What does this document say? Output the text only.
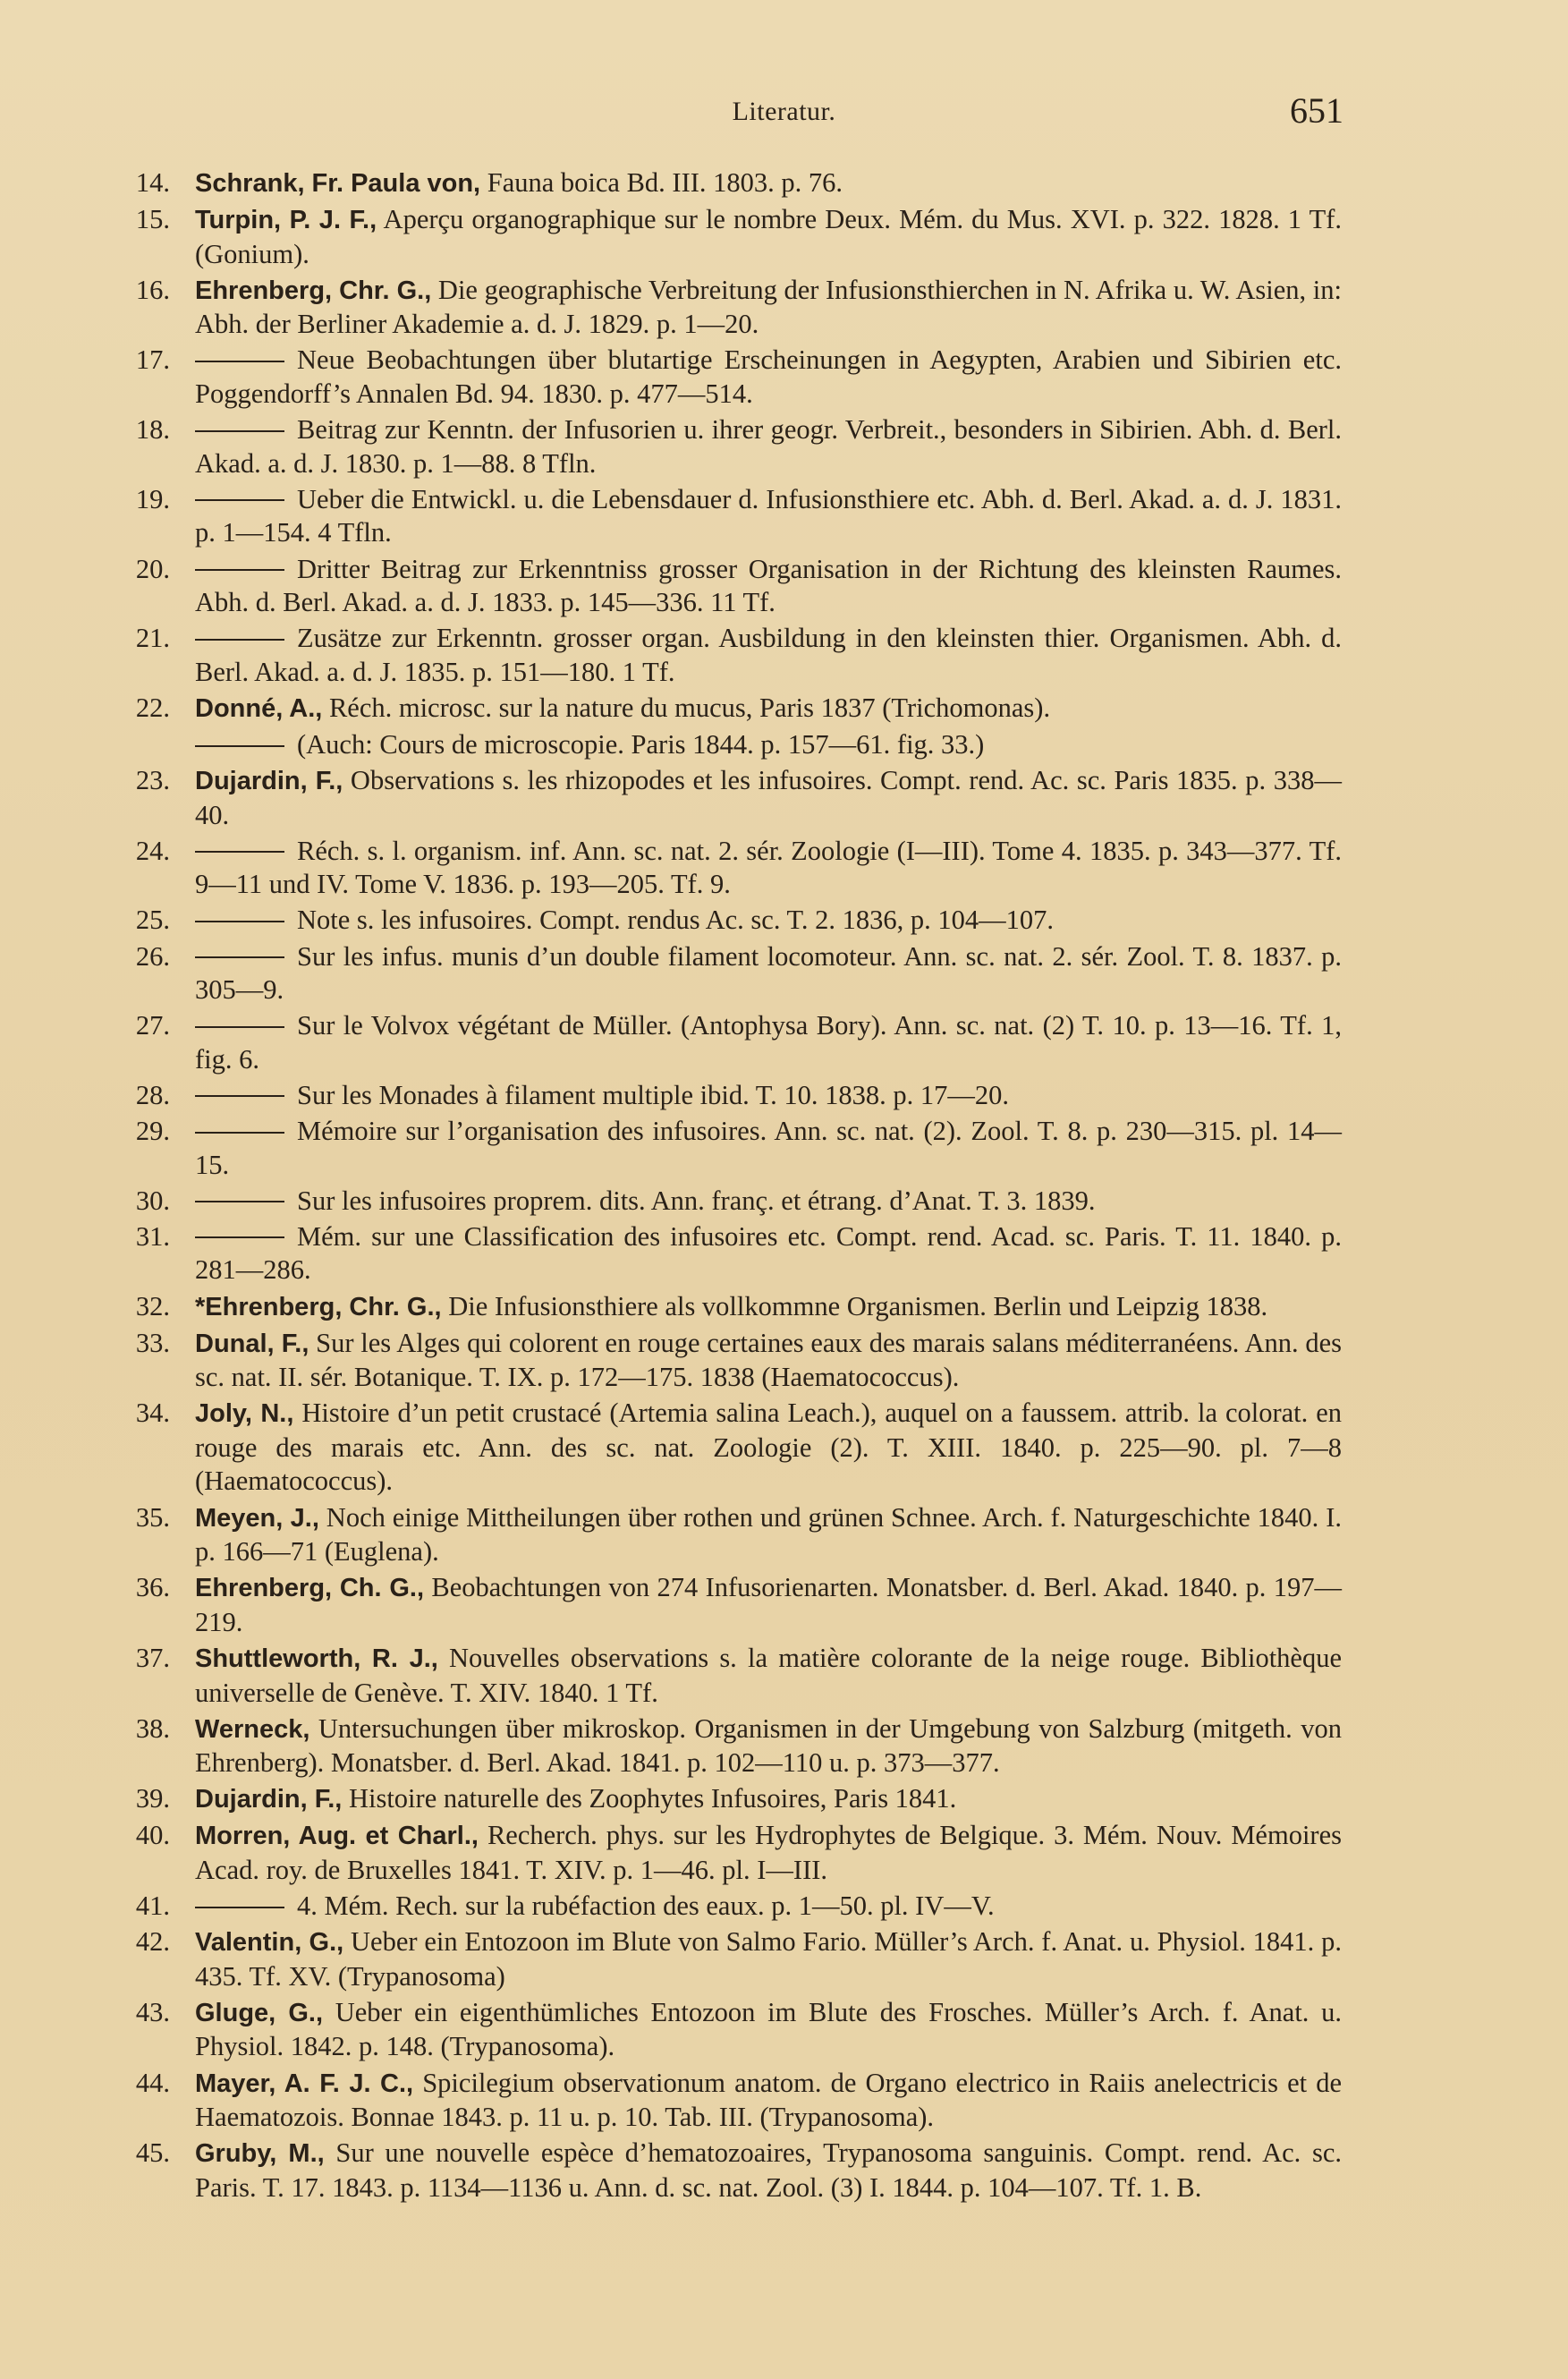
Literatur.	651
14. Schrank, Fr. Paula von, Fauna boica Bd. III. 1803. p. 76.
15. Turpin, P. J. F., Aperçu organographique sur le nombre Deux. Mém. du Mus. XVI. p. 322. 1828. 1 Tf. (Gonium).
16. Ehrenberg, Chr. G., Die geographische Verbreitung der Infusionsthierchen in N. Afrika u. W. Asien, in: Abh. der Berliner Akademie a. d. J. 1829. p. 1—20.
17.	Neue Beobachtungen über blutartige Erscheinungen in Aegypten, Arabien und Sibirien etc. Poggendorff’s Annalen Bd. 94. 1830. p. 477—514.
18.	Beitrag zur Kenntn. der Infusorien u. ihrer geogr. Verbreit., besonders in Sibirien. Abh. d. Berl. Akad. a. d. J. 1830. p. 1—88. 8 Tfln.
19.	Ueber die Entwickl. u. die Lebensdauer d. Infusionsthiere etc. Abh. d. Berl. Akad. a. d. J. 1831. p. 1—154. 4 Tfln.
20.	Dritter Beitrag zur Erkenntniss grosser Organisation in der Richtung des kleinsten Raumes. Abh. d. Berl. Akad. a. d. J. 1833. p. 145—336. 11 Tf.
21.	Zusätze zur Erkenntn. grosser organ. Ausbildung in den kleinsten thier. Organismen. Abh. d. Berl. Akad. a. d. J. 1835. p. 151—180. 1 Tf.
22. Donné, A., Réch. microsc. sur la nature du mucus, Paris 1837 (Trichomonas).
(Auch: Cours de microscopie. Paris 1844. p. 157—61. fig. 33.)
23. Dujardin, F., Observations s. les rhizopodes et les infusoires. Compt. rend. Ac. sc. Paris 1835. p. 338—40.
24.	Réch. s. l. organism. inf. Ann. sc. nat. 2. sér. Zoologie (I—III). Tome 4. 1835. p. 343—377. Tf. 9—11 und IV. Tome V. 1836. p. 193—205. Tf. 9.
25.	Note s. les infusoires. Compt. rendus Ac. sc. T. 2. 1836, p. 104—107.
26.	Sur les infus. munis d’un double filament locomoteur. Ann. sc. nat. 2. sér. Zool. T. 8. 1837. p. 305—9.
27.	Sur le Volvox végétant de Müller. (Antophysa Bory). Ann. sc. nat. (2) T. 10. p. 13—16. Tf. 1, fig. 6.
28.	Sur les Monades à filament multiple ibid. T. 10. 1838. p. 17—20.
29.	Mémoire sur l’organisation des infusoires. Ann. sc. nat. (2). Zool. T. 8. p. 230—315. pl. 14—15.
30.	Sur les infusoires proprem. dits. Ann. franç. et étrang. d’Anat. T. 3. 1839.
31.	Mém. sur une Classification des infusoires etc. Compt. rend. Acad. sc. Paris. T. 11. 1840. p. 281—286.
32. *Ehrenberg, Chr. G., Die Infusionsthiere als vollkommne Organismen. Berlin und Leipzig 1838.
33. Dunal, F., Sur les Alges qui colorent en rouge certaines eaux des marais salans méditerranéens. Ann. des sc. nat. II. sér. Botanique. T. IX. p. 172—175. 1838 (Haematococcus).
34. Joly, N., Histoire d’un petit crustacé (Artemia salina Leach.), auquel on a faussem. attrib. la colorat. en rouge des marais etc. Ann. des sc. nat. Zoologie (2). T. XIII. 1840. p. 225—90. pl. 7—8 (Haematococcus).
35. Meyen, J., Noch einige Mittheilungen über rothen und grünen Schnee. Arch. f. Naturgeschichte 1840. I. p. 166—71 (Euglena).
36. Ehrenberg, Ch. G., Beobachtungen von 274 Infusorienarten. Monatsber. d. Berl. Akad. 1840. p. 197—219.
37. Shuttleworth, R. J., Nouvelles observations s. la matière colorante de la neige rouge. Bibliothèque universelle de Genève. T. XIV. 1840. 1 Tf.
38. Werneck, Untersuchungen über mikroskop. Organismen in der Umgebung von Salzburg (mitgeth. von Ehrenberg). Monatsber. d. Berl. Akad. 1841. p. 102—110 u. p. 373—377.
39. Dujardin, F., Histoire naturelle des Zoophytes Infusoires, Paris 1841.
40. Morren, Aug. et Charl., Recherch. phys. sur les Hydrophytes de Belgique. 3. Mém. Nouv. Mémoires Acad. roy. de Bruxelles 1841. T. XIV. p. 1—46. pl. I—III.
41.	4. Mém. Rech. sur la rubéfaction des eaux. p. 1—50. pl. IV—V.
42. Valentin, G., Ueber ein Entozoon im Blute von Salmo Fario. Müller’s Arch. f. Anat. u. Physiol. 1841. p. 435. Tf. XV. (Trypanosoma)
43. Gluge, G., Ueber ein eigenthümliches Entozoon im Blute des Frosches. Müller’s Arch. f. Anat. u. Physiol. 1842. p. 148. (Trypanosoma).
44. Mayer, A. F. J. C., Spicilegium observationum anatom. de Organo electrico in Raiis anelectricis et de Haematozois. Bonnae 1843. p. 11 u. p. 10. Tab. III. (Trypanosoma).
45. Gruby, M., Sur une nouvelle espèce d’hematozoaires, Trypanosoma sanguinis. Compt. rend. Ac. sc. Paris. T. 17. 1843. p. 1134—1136 u. Ann. d. sc. nat. Zool. (3) I. 1844. p. 104—107. Tf. 1. B.
